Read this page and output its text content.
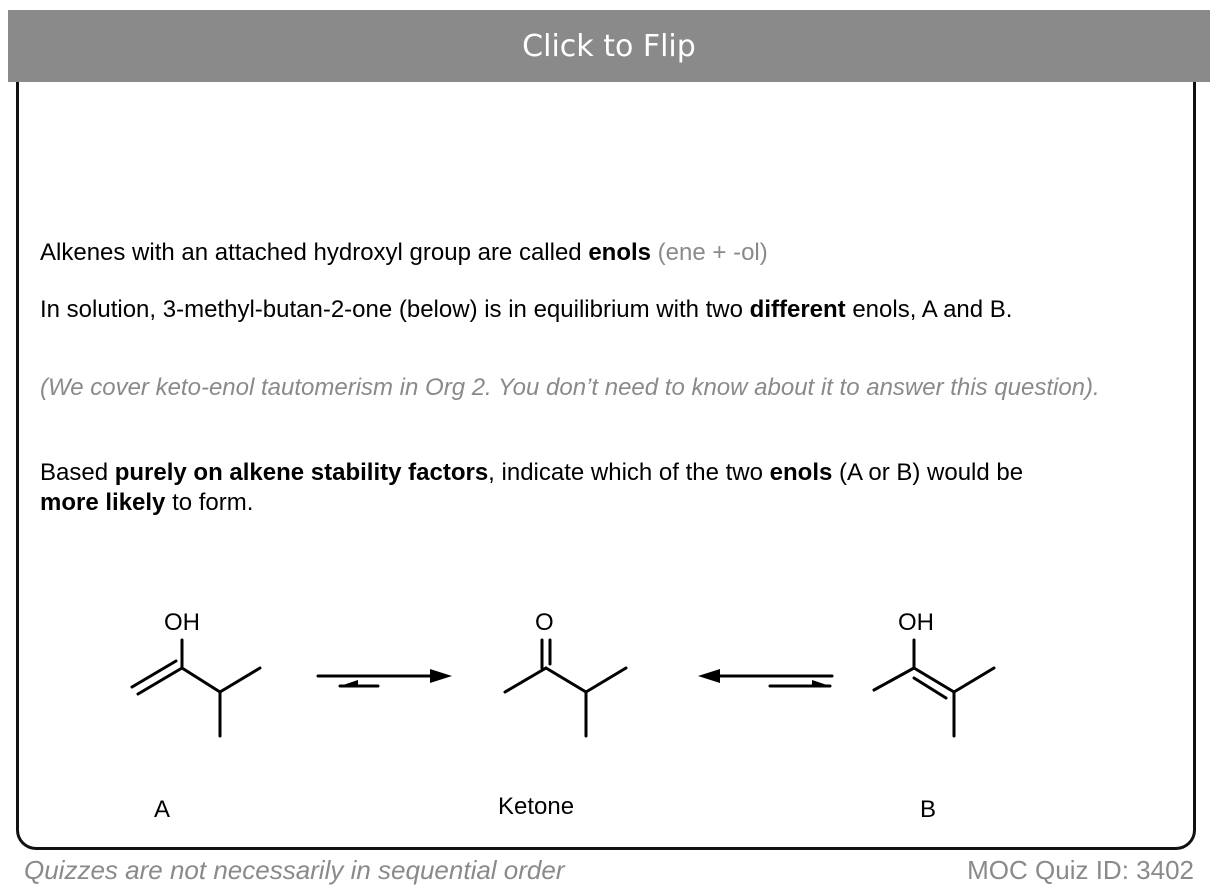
Click to Flip

Alkenes with an attached hydroxyl group are called enols (ene + -ol)

In solution, 3-methyl-butan-2-one (below) is in equilibrium with two different enols, A and B.

(We cover keto-enol tautomerism in Org 2. You don’t need to know about it to answer this question).

Based purely on alkene stability factors, indicate which of the two enols (A or B) would be more likely to form.

OH	O	OH
A	Ketone	B
Quizzes are not necessarily in sequential order	MOC Quiz ID: 3402
